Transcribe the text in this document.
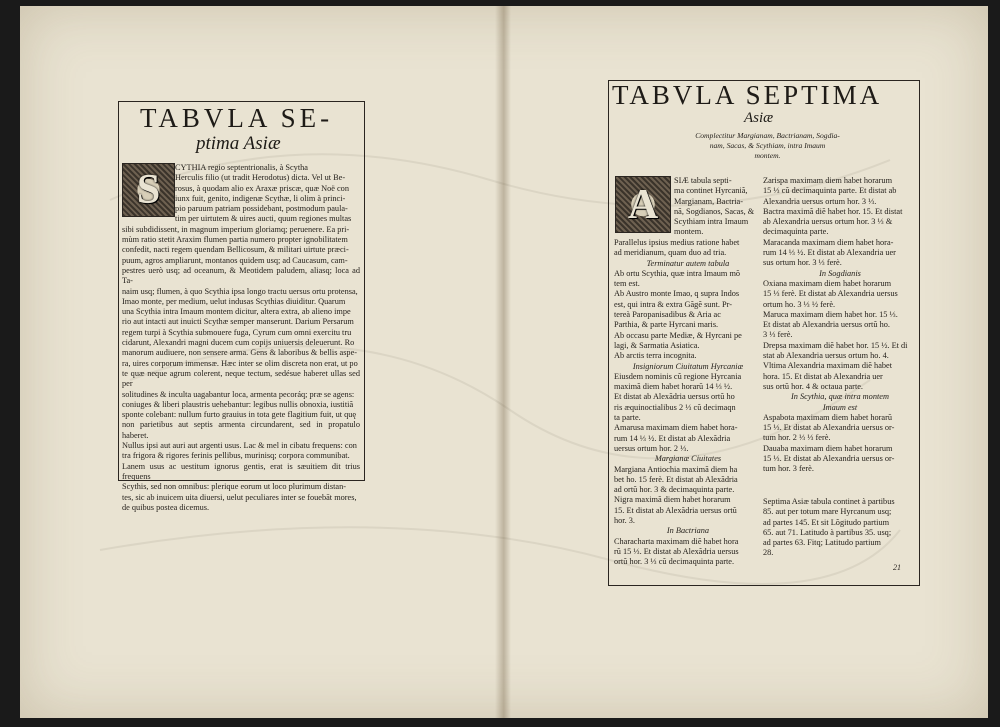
TABVLA SE-
ptima Asiæ
S	CYTHIA regio septentrionalis, à Scytha

Herculis filio (ut tradit Herodotus) dicta. Vel ut Be-

rosus, à quodam alio ex Araxæ priscæ, quæ Noë con

iunx fuit, genito, indigenæ Scythæ, li olim à princi-

pio paruum patriam possidebant, postmodum paula-

tim per uirtutem & uires aucti, quum regiones multas

sibi subdidissent, in magnum imperium gloriamq; peruenere. Ea pri-

mùm ratio stetit Araxim flumen partia numero propter ignobilitatem

confedit, nacti regem quendam Bellicosum, & militari uirtute præci-

puum, agros ampliarunt, montanos quidem usq; ad Caucasum, cam-

pestres uerò usq; ad oceanum, & Meotidem paludem, aliasq; loca ad Ta-

naim usq; flumen, à quo Scythia ipsa longo tractu uersus ortu protensa,

Imao monte, per medium, uelut indusas Scythias diuiditur. Quarum

una Scythia intra Imaum montem dicitur, altera extra, ab alieno impe

rio aut intacti aut inuicti Scythæ semper manserunt. Darium Persarum

regem turpi à Scythia submouere fuga, Cyrum cum omni exercitu tru

cidarunt, Alexandri magni ducem cum copijs uniuersis deleuerunt. Ro

manorum audiuere, non sensere arma. Gens & laboribus & bellis aspe-

ra, uires corporum immensæ. Hæc inter se olim discreta non erat, ut po

te quæ neque agrum colerent, neque tectum, sedésue haberet ullas sed per

solitudines & inculta uagabantur loca, armenta pecoráq; præ se agens:

coniuges & liberi plaustris uehebantur: legibus nullis obnoxia, iustitiã

sponte colebant: nullum furto grauius in tota gete flagitium fuit, ut quę

non parietibus aut septis armenta circundarent, sed in propatulo haberet.

Nullus ipsi aut auri aut argenti usus. Lac & mel in cibatu frequens: con

tra frigora & rigores ferinis pellibus, murinisq; corpora communibat.

Lanem usus ac uestitum ignorus gentis, erat is sæuitiem dit trius frequens

Scythis, sed non omnibus: plerique eorum ut loco plurimum distan-

tes, sic ab inuicem uita diuersi, uelut peculiares inter se fouebāt mores,

de quibus postea dicemus.

TABVLA SEPTIMA
Asiæ

Complectitur Margianam, Bactrianam, Sogdia-

nam, Sacas, & Scythiam, intra Imaum

montem.

A

SIÆ tabula septi-

ma continet Hyrcaniã,

Margianam, Bactria-

nã, Sogdianos, Sacas, &

Scythiam intra Imaum

montem.

Parallelus ipsius medius ratione habet

ad meridianum, quam duo ad tria.

Terminatur autem tabula

Ab ortu Scythia, quæ intra Imaum mõ

tem est.

Ab Austro monte Imao, q supra Indos

est, qui intra & extra Gãgẽ sunt. Pr-

tereà Paropanisadibus & Aria ac

Parthia, & parte Hyrcani maris.

Ab occasu parte Mediæ, & Hyrcani pe

lagi, & Sarmatia Asiatica.

Ab arctis terra incognita.

Insigniorum Ciuitatum Hyrcaniæ

Eiusdem nominis cũ regione Hyrcania

maximã diem habet horarũ 14 ⅓ ½.

Et distat ab Alexãdria uersus ortũ ho

ris æquinoctialibus 2 ⅓ cũ decimaqn

ta parte.

Amarusa maximam diem habet hora-

rum 14 ⅓ ½. Et distat ab Alexãdria

uersus ortum hor. 2 ⅓.

Margianæ Ciuitates

Margiana Antiochia maximã diem ha

bet ho. 15 ferè. Et distat ab Alexãdria

ad ortũ hor. 3 & decimaquinta parte.

Nigra maximã diem habet horarum

15. Et distat ab Alexãdria uersus ortũ

hor. 3.

In Bactriana

Characharta maximam diẽ habet hora

rũ 15 ⅓. Et distat ab Alexãdria uersus

ortũ hor. 3 ⅓ cũ decimaquinta parte.

Zarispa maximam diem habet horarum

15 ⅓ cũ decimaquinta parte. Et distat ab

Alexandria uersus ortum hor. 3 ⅓.

Bactra maximã diẽ habet hor. 15. Et distat

ab Alexandria uersus ortum hor. 3 ⅓ &

decimaquinta parte.

Maracanda maximam diem habet hora-

rum 14 ⅓ ½. Et distat ab Alexandria uer

sus ortum hor. 3 ⅓ ferè.

In Sogdianis

Oxiana maximam diem habet horarum

15 ⅓ ferè. Et distat ab Alexandria uersus

ortum ho. 3 ⅓ ½ ferè.

Maruca maximam diem habet hor. 15 ⅓.

Et distat ab Alexandria uersus ortũ ho.

3 ⅓ ferè.

Drepsa maximam diẽ habet hor. 15 ½. Et di

stat ab Alexandria uersus ortum ho. 4.

Vltima Alexandria maximam diẽ habet

hora. 15. Et distat ab Alexandria uer

sus ortũ hor. 4 & octaua parte.

In Scythia, quæ intra montem

Imaum est

Aspabota maximam diem habet horarũ

15 ⅓. Et distat ab Alexandria uersus or-

tum hor. 2 ⅓ ⅓ ferè.

Dauaba maximam diem habet horarum

15 ⅓. Et distat ab Alexandria uersus or-

tum hor. 3 ferè.

Septima Asiæ tabula continet à partibus

85. aut per totum mare Hyrcanum usq;

ad partes 145. Et sit Lõgitudo partium

65. aut 71. Latitudo à partibus 35. usq;

ad partes 63. Fitq; Latitudo partium

28.

21
